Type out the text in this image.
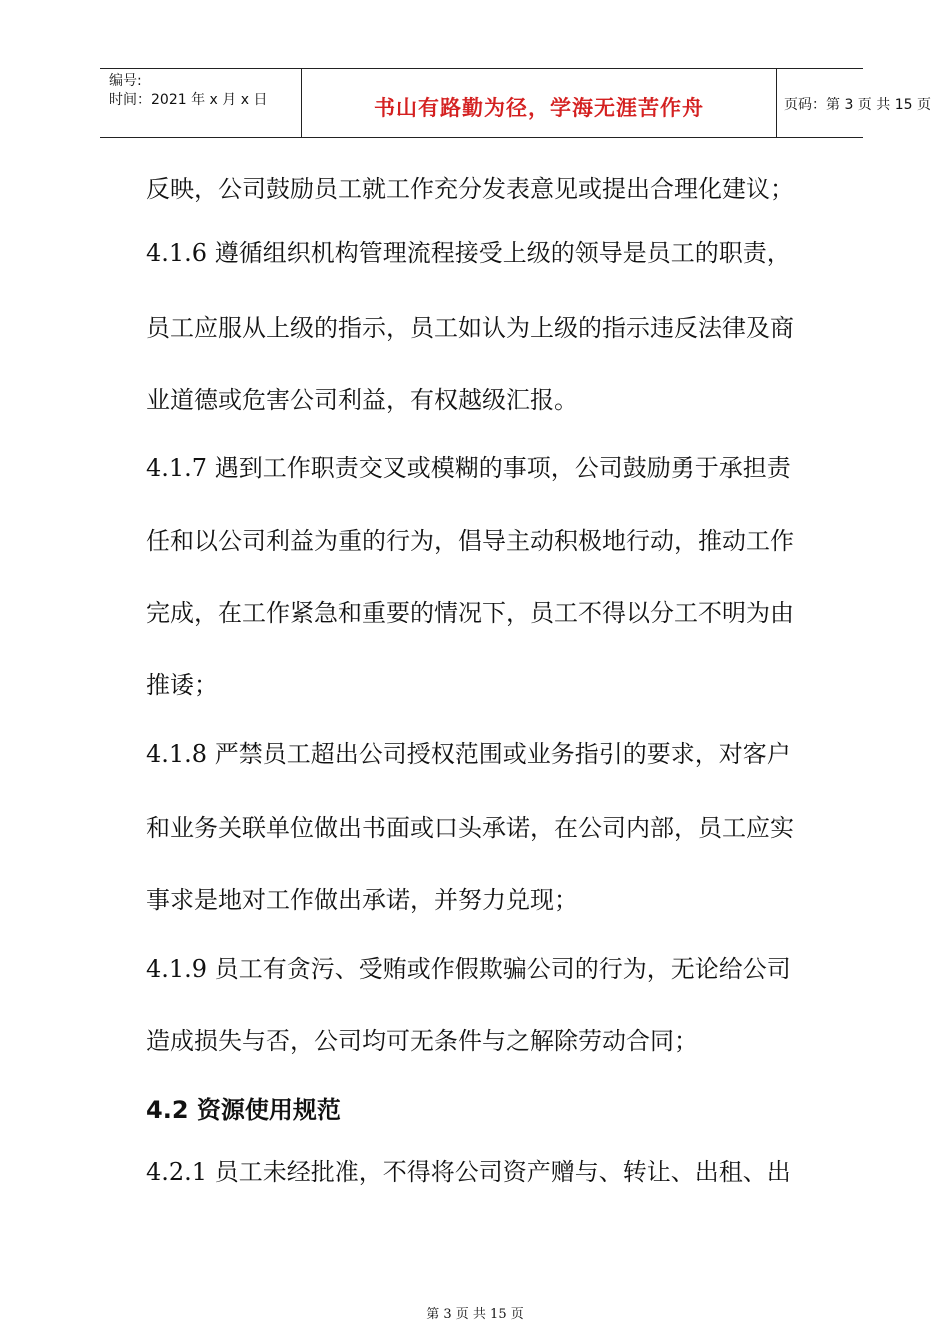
编号:
时间：2021 年 x 月 x 日	书山有路勤为径，学海无涯苦作舟	页码：第 3 页 共 15 页
反映，公司鼓励员工就工作充分发表意见或提出合理化建议；
4.1.6 遵循组织机构管理流程接受上级的领导是员工的职责，
员工应服从上级的指示，员工如认为上级的指示违反法律及商
业道德或危害公司利益，有权越级汇报。
4.1.7 遇到工作职责交叉或模糊的事项，公司鼓励勇于承担责
任和以公司利益为重的行为，倡导主动积极地行动，推动工作
完成，在工作紧急和重要的情况下，员工不得以分工不明为由
推诿；
4.1.8 严禁员工超出公司授权范围或业务指引的要求，对客户
和业务关联单位做出书面或口头承诺，在公司内部，员工应实
事求是地对工作做出承诺，并努力兑现；
4.1.9 员工有贪污、受贿或作假欺骗公司的行为，无论给公司
造成损失与否，公司均可无条件与之解除劳动合同；
4.2 资源使用规范
4.2.1 员工未经批准，不得将公司资产赠与、转让、出租、出
第 3 页 共 15 页
